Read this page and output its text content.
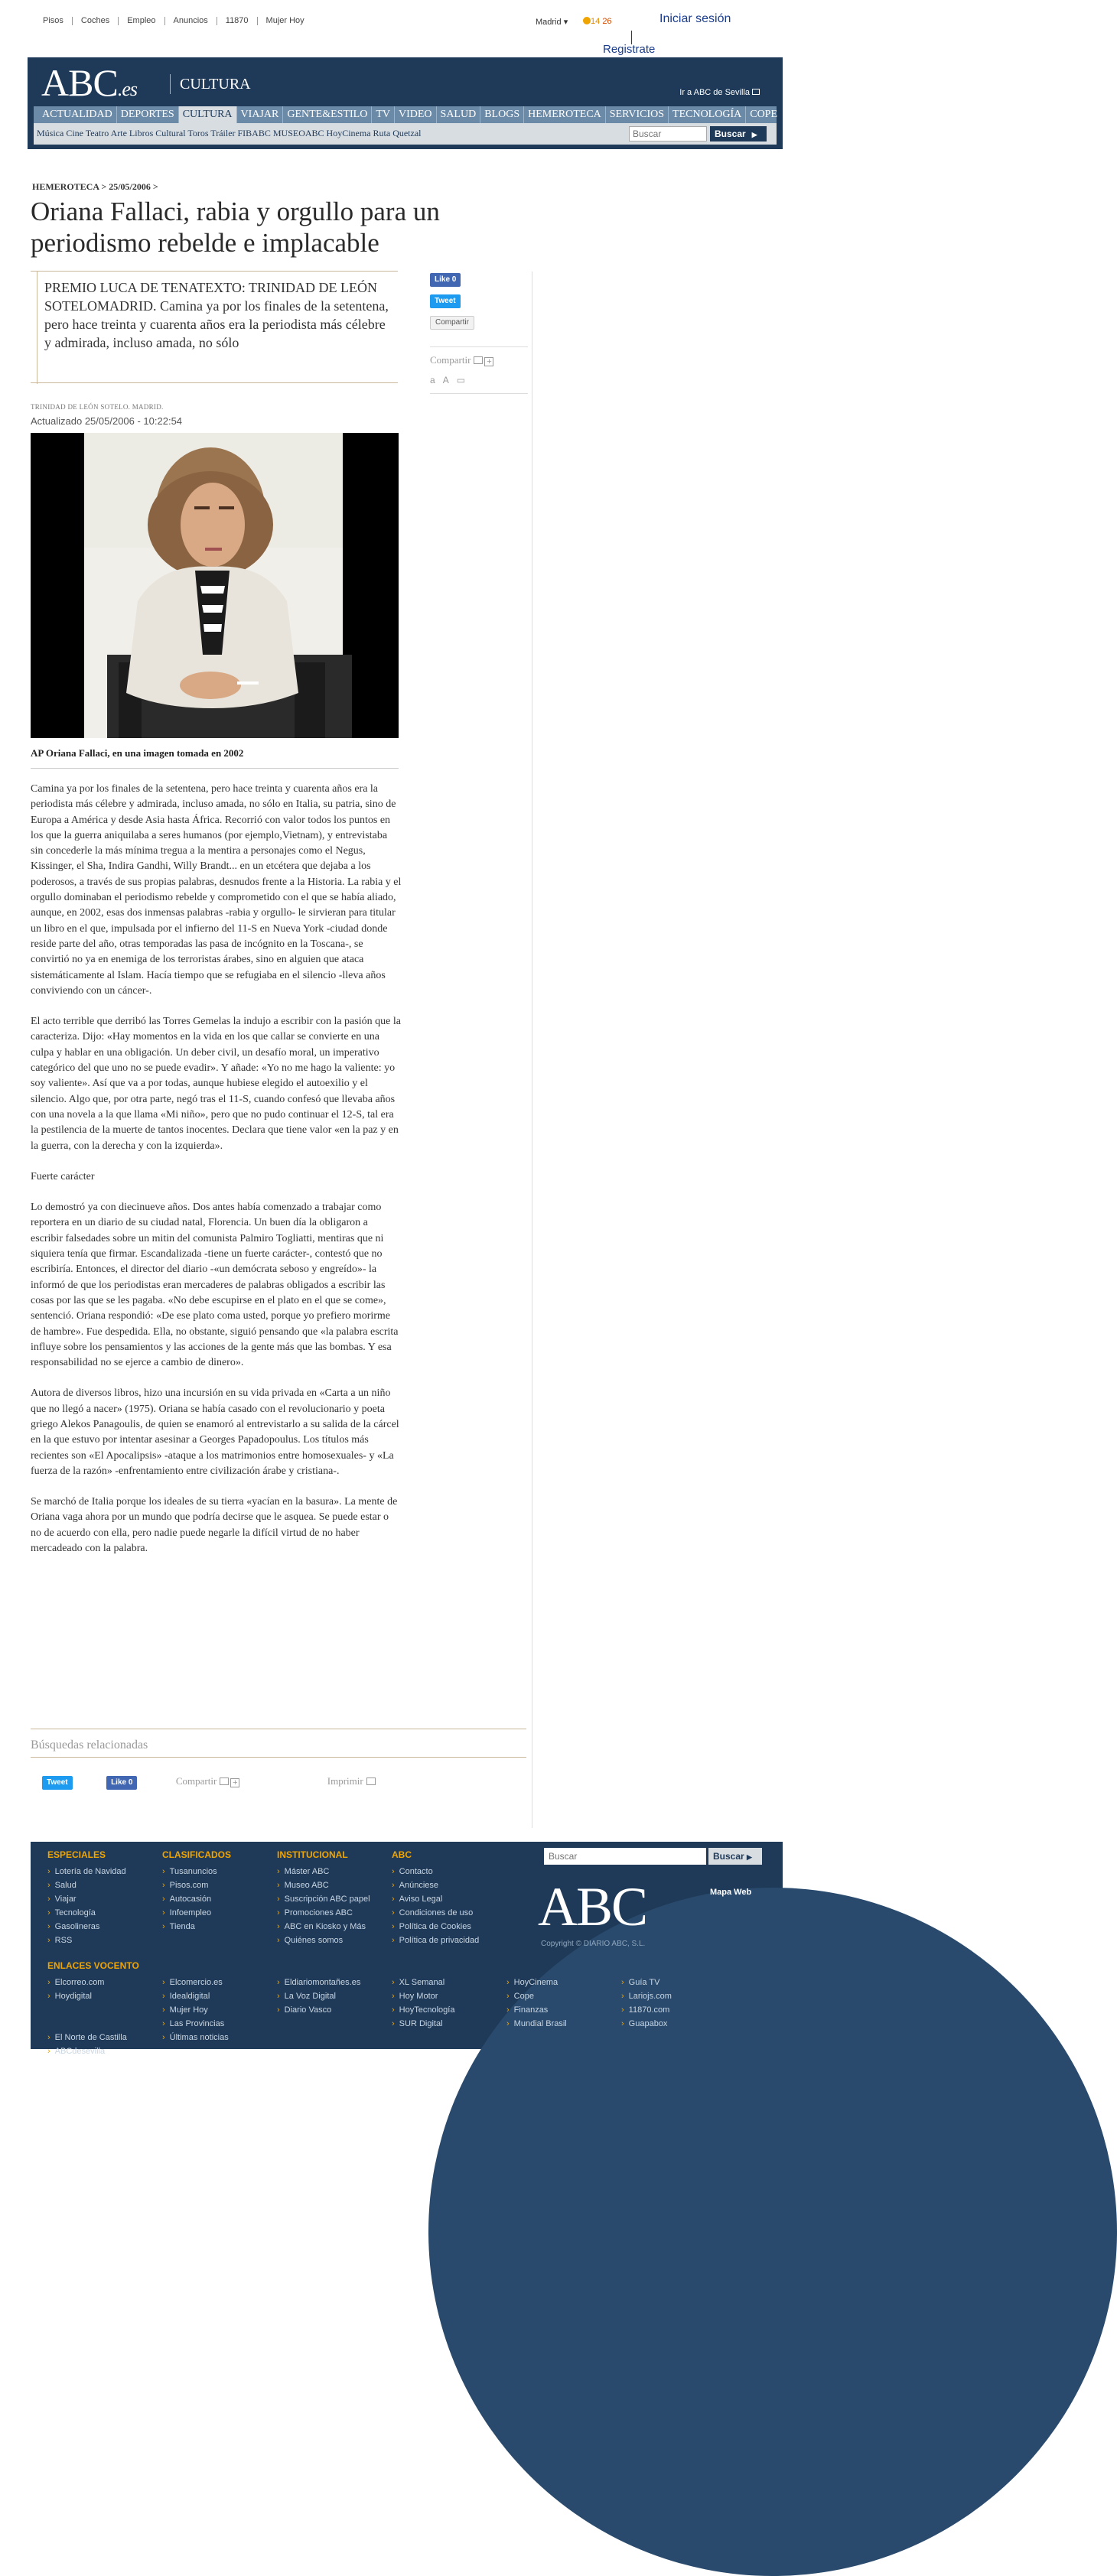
Pisos	Coches	Empleo	Anuncios	11870	Mujer Hoy	Madrid ▾	14 26	Iniciar sesión
Registrate
ABC.es	CULTURA	Ir a ABC de Sevilla
ACTUALIDAD DEPORTES CULTURA VIAJAR GENTE&ESTILO TV VIDEO SALUD BLOGS HEMEROTECA SERVICIOS TECNOLOGÍA COPE
Música Cine Teatro Arte Libros Cultural Toros Tráiler FIBABC MUSEOABC HoyCinema Ruta Quetzal
Buscar	Buscar ▶
HEMEROTECA > 25/05/2006 >
Oriana Fallaci, rabia y orgullo para un periodismo rebelde e implacable
PREMIO LUCA DE TENATEXTO: TRINIDAD DE LEÓN SOTELOMADRID. Camina ya por los finales de la setentena, pero hace treinta y cuarenta años era la periodista más célebre y admirada, incluso amada, no sólo
Like 0
Tweet
Compartir
Compartir +
aA▭
TRINIDAD DE LEÓN SOTELO. MADRID.
Actualizado 25/05/2006 - 10:22:54
AP Oriana Fallaci, en una imagen tomada en 2002

Camina ya por los finales de la setentena, pero hace treinta y cuarenta años era la periodista más célebre y admirada, incluso amada, no sólo en Italia, su patria, sino de Europa a América y desde Asia hasta África. Recorrió con valor todos los puntos en los que la guerra aniquilaba a seres humanos (por ejemplo,Vietnam), y entrevistaba sin concederle la más mínima tregua a la mentira a personajes como el Negus, Kissinger, el Sha, Indira Gandhi, Willy Brandt... en un etcétera que dejaba a los poderosos, a través de sus propias palabras, desnudos frente a la Historia. La rabia y el orgullo dominaban el periodismo rebelde y comprometido con el que se había aliado, aunque, en 2002, esas dos inmensas palabras -rabia y orgullo- le sirvieran para titular un libro en el que, impulsada por el infierno del 11-S en Nueva York -ciudad donde reside parte del año, otras temporadas las pasa de incógnito en la Toscana-, se convirtió no ya en enemiga de los terroristas árabes, sino en alguien que ataca sistemáticamente al Islam. Hacía tiempo que se refugiaba en el silencio -lleva años conviviendo con un cáncer-.

El acto terrible que derribó las Torres Gemelas la indujo a escribir con la pasión que la caracteriza. Dijo: «Hay momentos en la vida en los que callar se convierte en una culpa y hablar en una obligación. Un deber civil, un desafío moral, un imperativo categórico del que uno no se puede evadir». Y añade: «Yo no me hago la valiente: yo soy valiente». Así que va a por todas, aunque hubiese elegido el autoexilio y el silencio. Algo que, por otra parte, negó tras el 11-S, cuando confesó que llevaba años con una novela a la que llama «Mi niño», pero que no pudo continuar el 12-S, tal era la pestilencia de la muerte de tantos inocentes. Declara que tiene valor «en la paz y en la guerra, con la derecha y con la izquierda».

Fuerte carácter

Lo demostró ya con diecinueve años. Dos antes había comenzado a trabajar como reportera en un diario de su ciudad natal, Florencia. Un buen día la obligaron a escribir falsedades sobre un mitin del comunista Palmiro Togliatti, mentiras que ni siquiera tenía que firmar. Escandalizada -tiene un fuerte carácter-, contestó que no escribiría. Entonces, el director del diario -«un demócrata seboso y engreído»- la informó de que los periodistas eran mercaderes de palabras obligados a escribir las cosas por las que se les pagaba. «No debe escupirse en el plato en el que se come», sentenció. Oriana respondió: «De ese plato coma usted, porque yo prefiero morirme de hambre». Fue despedida. Ella, no obstante, siguió pensando que «la palabra escrita influye sobre los pensamientos y las acciones de la gente más que las bombas. Y esa responsabilidad no se ejerce a cambio de dinero».

Autora de diversos libros, hizo una incursión en su vida privada en «Carta a un niño que no llegó a nacer» (1975). Oriana se había casado con el revolucionario y poeta griego Alekos Panagoulis, de quien se enamoró al entrevistarlo a su salida de la cárcel en la que estuvo por intentar asesinar a Georges Papadopoulus. Los títulos más recientes son «El Apocalipsis» -ataque a los matrimonios entre homosexuales- y «La fuerza de la razón» -enfrentamiento entre civilización árabe y cristiana-.

Se marchó de Italia porque los ideales de su tierra «yacían en la basura». La mente de Oriana vaga ahora por un mundo que podría decirse que le asquea. Se puede estar o no de acuerdo con ella, pero nadie puede negarle la difícil virtud de no haber mercadeado con la palabra.

Búsquedas relacionadas
Tweet	Like 0	Compartir +	Imprimir
ESPECIALES
› Lotería de Navidad
› Salud
› Viajar
› Tecnología
› Gasolineras
› RSS
CLASIFICADOS
› Tusanuncios
› Pisos.com
› Autocasión
› Infoempleo
› Tienda
INSTITUCIONAL
› Máster ABC
› Museo ABC
› Suscripción ABC papel
› Promociones ABC
› ABC en Kiosko y Más
› Quiénes somos
ABC
› Contacto
› Anúnciese
› Aviso Legal
› Condiciones de uso
› Política de Cookies
› Política de privacidad
Buscar
Buscar ▶
ABC	Mapa Web
Copyright © DIARIO ABC, S.L.
ENLACES VOCENTO
› Elcorreo.com
› Hoydigital
› El Norte de Castilla
› ABCdesevilla
› Elcomercio.es
› Idealdigital
› Mujer Hoy
› Las Provincias
› Últimas noticias
› Eldiariomontañes.es
› La Voz Digital
› Diario Vasco
› XL Semanal
› Hoy Motor
› HoyTecnología
› SUR Digital
› HoyCinema
› Cope
› Finanzas
› Mundial Brasil
› Guía TV
› Lariojs.com
› 11870.com
› Guapabox
